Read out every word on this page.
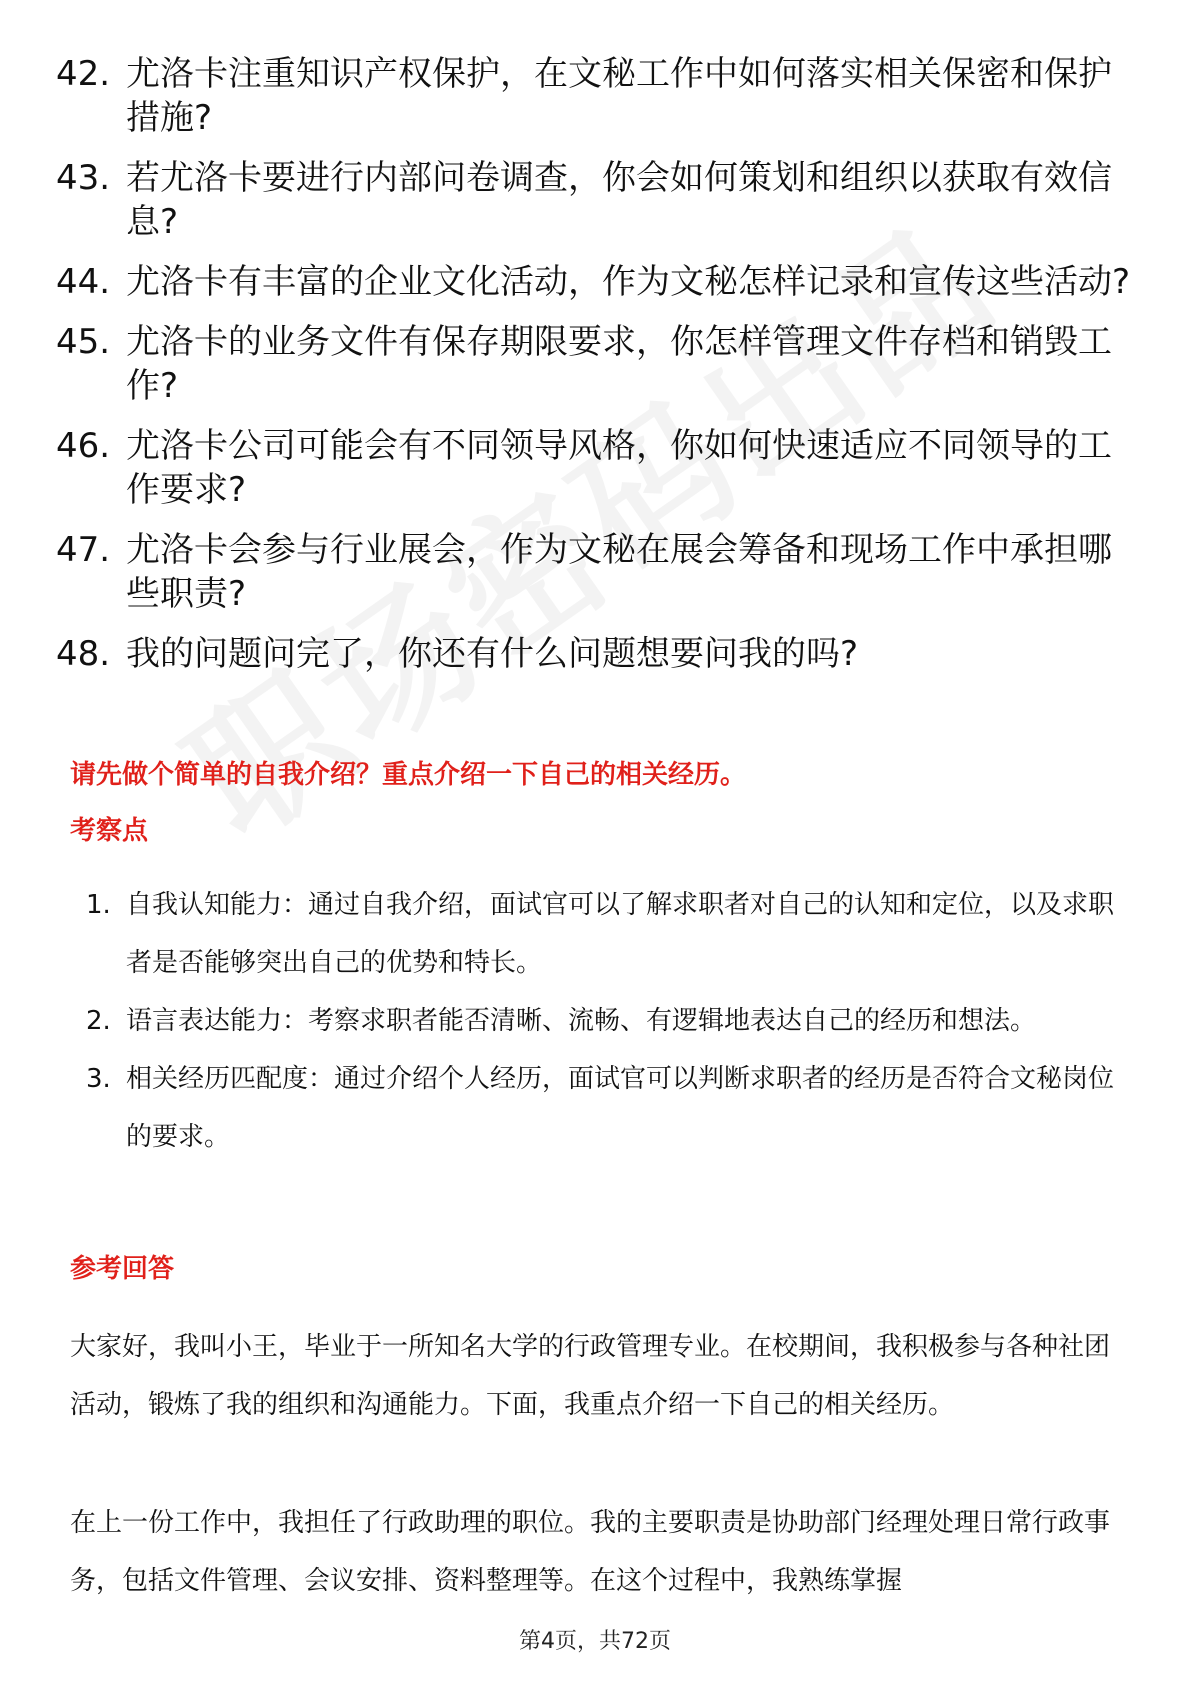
42. 尤洛卡注重知识产权保护，在文秘工作中如何落实相关保密和保护措施?
43. 若尤洛卡要进行内部问卷调查，你会如何策划和组织以获取有效信息?
44. 尤洛卡有丰富的企业文化活动，作为文秘怎样记录和宣传这些活动?
45. 尤洛卡的业务文件有保存期限要求，你怎样管理文件存档和销毁工作?
46. 尤洛卡公司可能会有不同领导风格，你如何快速适应不同领导的工作要求?
47. 尤洛卡会参与行业展会，作为文秘在展会筹备和现场工作中承担哪些职责?
48. 我的问题问完了，你还有什么问题想要问我的吗?
请先做个简单的自我介绍？重点介绍一下自己的相关经历。
考察点
1. 自我认知能力：通过自我介绍，面试官可以了解求职者对自己的认知和定位，以及求职者是否能够突出自己的优势和特长。
2. 语言表达能力：考察求职者能否清晰、流畅、有逻辑地表达自己的经历和想法。
3. 相关经历匹配度：通过介绍个人经历，面试官可以判断求职者的经历是否符合文秘岗位的要求。
参考回答
大家好，我叫小王，毕业于一所知名大学的行政管理专业。在校期间，我积极参与各种社团活动，锻炼了我的组织和沟通能力。下面，我重点介绍一下自己的相关经历。
在上一份工作中，我担任了行政助理的职位。我的主要职责是协助部门经理处理日常行政事务，包括文件管理、会议安排、资料整理等。在这个过程中，我熟练掌握
第4页，共72页
